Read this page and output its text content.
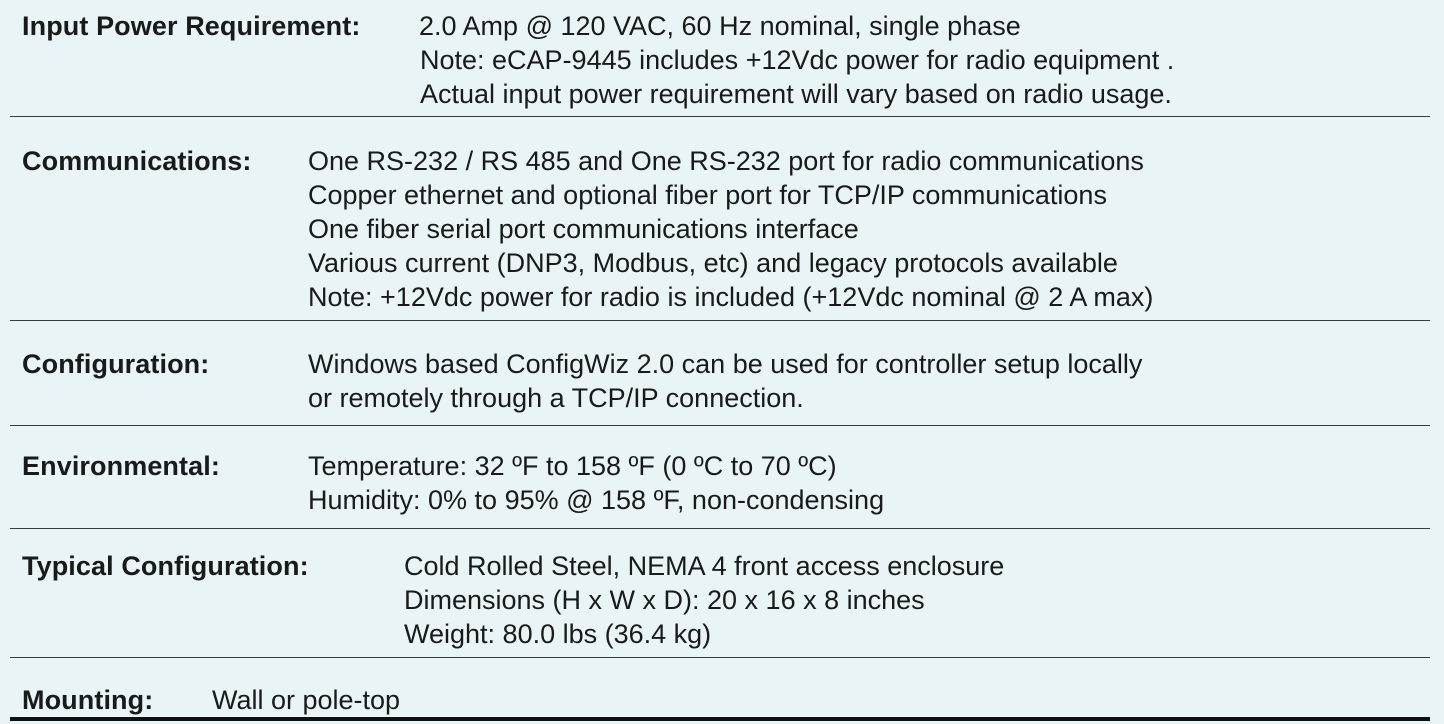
Input Power Requirement: 2.0 Amp @ 120 VAC, 60 Hz nominal, single phase
Note: eCAP-9445 includes +12Vdc power for radio equipment .
Actual input power requirement will vary based on radio usage.
Communications: One RS-232 / RS 485 and One RS-232 port for radio communications
Copper ethernet and optional fiber port for TCP/IP communications
One fiber serial port communications interface
Various current (DNP3, Modbus, etc) and legacy protocols available
Note: +12Vdc power for radio is included (+12Vdc nominal @ 2 A max)
Configuration:	Windows based ConfigWiz 2.0 can be used for controller setup locally
or remotely through a TCP/IP connection.
Environmental:	Temperature: 32 ºF to 158 ºF (0 ºC to 70 ºC)
Humidity: 0% to 95% @ 158 ºF, non-condensing
Typical Configuration:	Cold Rolled Steel, NEMA 4 front access enclosure
Dimensions (H x W x D): 20 x 16 x 8 inches
Weight: 80.0 lbs (36.4 kg)
Mounting: Wall or pole-top
